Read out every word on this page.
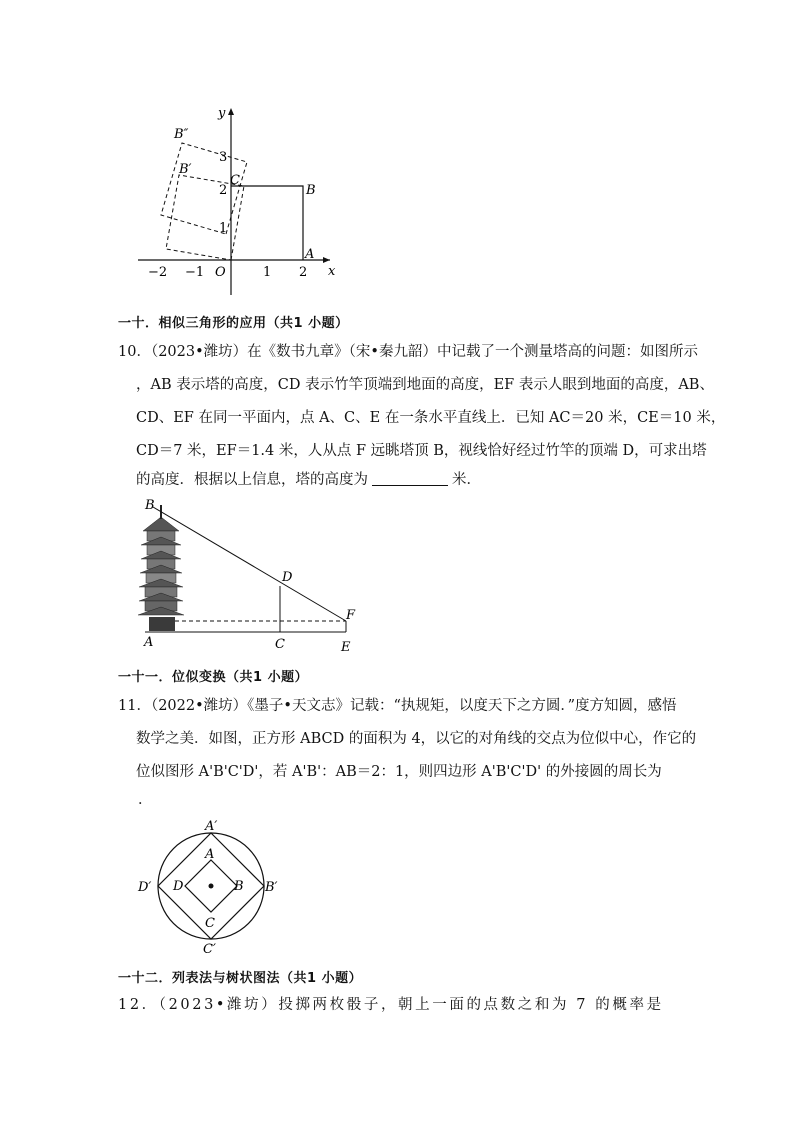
−2 −1	1 2
1
2
3
O	x
y
A
B
C
B′
B″
一十．相似三角形的应用（共1 小题）
10．（2023•潍坊）在《数书九章》（宋•秦九韶）中记载了一个测量塔高的问题：如图所示
，AB 表示塔的高度，CD 表示竹竿顶端到地面的高度，EF 表示人眼到地面的高度，AB、
CD、EF 在同一平面内，点 A、C、E 在一条水平直线上．已知 AC＝20 米，CE＝10 米，
CD＝7 米，EF＝1.4 米，人从点 F 远眺塔顶 B，视线恰好经过竹竿的顶端 D，可求出塔
的高度．根据以上信息，塔的高度为	米．
B
D
F
A	C	E
一十一．位似变换（共1 小题）
11．（2022•潍坊）《墨子•天文志》记载：“执规矩，以度天下之方圆．”度方知圆，感悟
数学之美．如图，正方形 ABCD 的面积为 4，以它的对角线的交点为位似中心，作它的
位似图形 A'B'C'D'，若 A'B'：AB＝2：1，则四边形 A'B'C'D' 的外接圆的周长为
．
A′
B′
C′
D′
A
B
C
D
一十二．列表法与树状图法（共1 小题）
12．（2023•潍坊）投掷两枚骰子，朝上一面的点数之和为 7 的概率是
